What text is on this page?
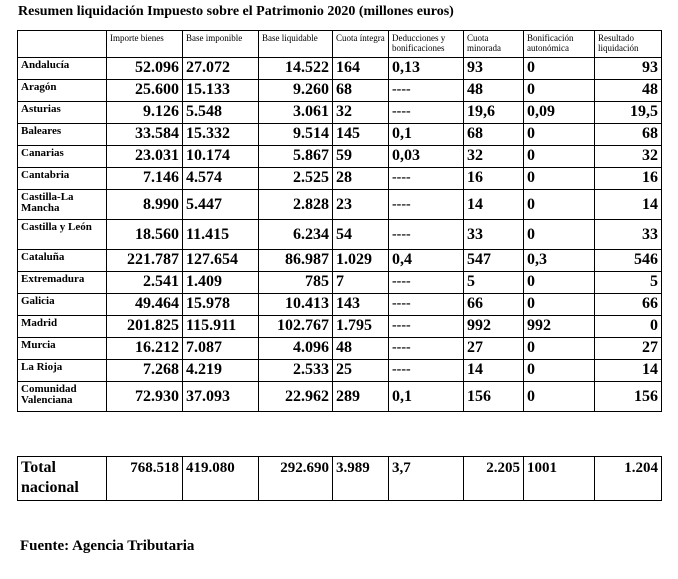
Resumen liquidación Impuesto sobre el Patrimonio 2020 (millones euros)
	Importe bienes	Base imponible	Base liquidable	Cuota íntegra	Deducciones y bonificaciones	Cuota minorada	Bonificación autonómica	Resultado liquidación
Andalucía	52.096	27.072	14.522	164	0,13	93	0	93
Aragón	25.600	15.133	9.260	68	----	48	0	48
Asturias	9.126	5.548	3.061	32	----	19,6	0,09	19,5
Baleares	33.584	15.332	9.514	145	0,1	68	0	68
Canarias	23.031	10.174	5.867	59	0,03	32	0	32
Cantabria	7.146	4.574	2.525	28	----	16	0	16
Castilla-La Mancha	8.990	5.447	2.828	23	----	14	0	14
Castilla y León	18.560	11.415	6.234	54	----	33	0	33
Cataluña	221.787	127.654	86.987	1.029	0,4	547	0,3	546
Extremadura	2.541	1.409	785	7	----	5	0	5
Galicia	49.464	15.978	10.413	143	----	66	0	66
Madrid	201.825	115.911	102.767	1.795	----	992	992	0
Murcia	16.212	7.087	4.096	48	----	27	0	27
La Rioja	7.268	4.219	2.533	25	----	14	0	14
Comunidad Valenciana	72.930	37.093	22.962	289	0,1	156	0	156
Total nacional	768.518	419.080	292.690	3.989	3,7	2.205	1001	1.204
Fuente: Agencia Tributaria
